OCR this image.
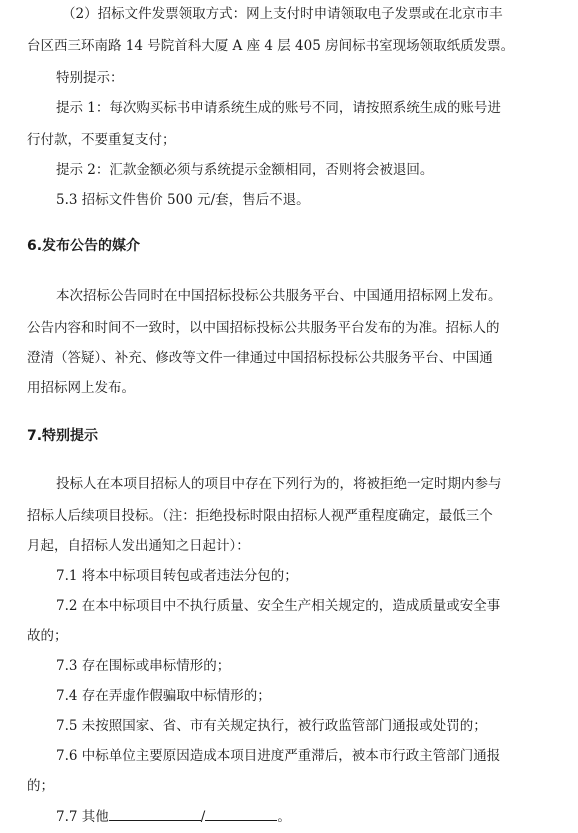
（2）招标文件发票领取方式：网上支付时申请领取电子发票或在北京市丰
台区西三环南路 14 号院首科大厦 A 座 4 层 405 房间标书室现场领取纸质发票。
特别提示：
提示 1：每次购买标书申请系统生成的账号不同，请按照系统生成的账号进
行付款，不要重复支付；
提示 2：汇款金额必须与系统提示金额相同，否则将会被退回。
5.3 招标文件售价 500 元/套，售后不退。
6.发布公告的媒介
本次招标公告同时在中国招标投标公共服务平台、中国通用招标网上发布。
公告内容和时间不一致时，以中国招标投标公共服务平台发布的为准。招标人的
澄清（答疑）、补充、修改等文件一律通过中国招标投标公共服务平台、中国通
用招标网上发布。
7.特别提示
投标人在本项目招标人的项目中存在下列行为的，将被拒绝一定时期内参与
招标人后续项目投标。（注：拒绝投标时限由招标人视严重程度确定，最低三个
月起，自招标人发出通知之日起计）：
7.1 将本中标项目转包或者违法分包的；
7.2 在本中标项目中不执行质量、安全生产相关规定的，造成质量或安全事
故的；
7.3 存在围标或串标情形的；
7.4 存在弄虚作假骗取中标情形的；
7.5 未按照国家、省、市有关规定执行，被行政监管部门通报或处罚的；
7.6 中标单位主要原因造成本项目进度严重滞后，被本市行政主管部门通报
的；
7.7 其他	/	。
